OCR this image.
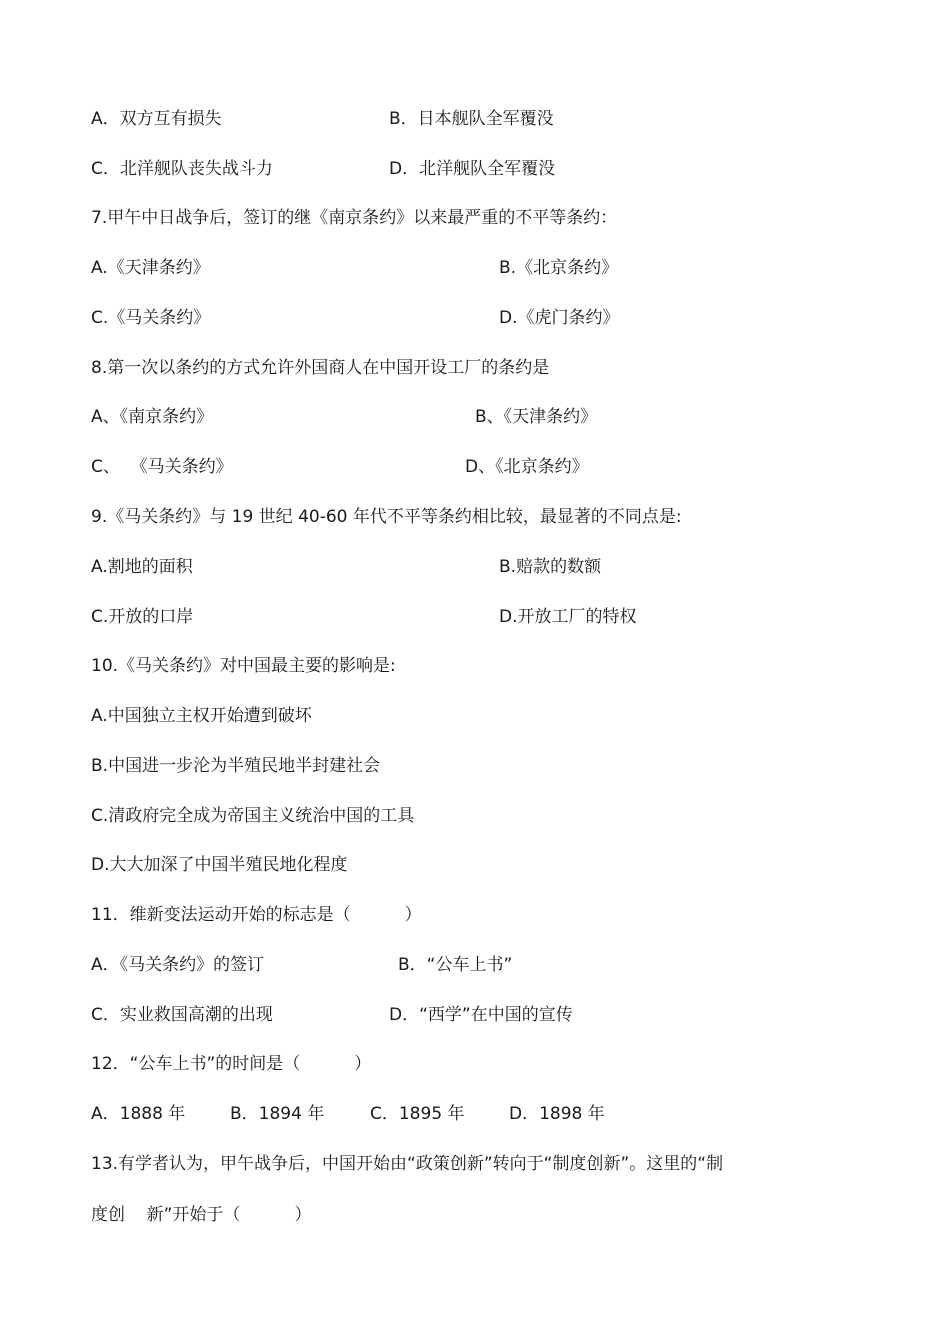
A．双方互有损失	B．日本舰队全军覆没
C．北洋舰队丧失战斗力	D．北洋舰队全军覆没
7.甲午中日战争后，签订的继《南京条约》以来最严重的不平等条约：
A.《天津条约》	B.《北京条约》
C.《马关条约》	D.《虎门条约》
8.第一次以条约的方式允许外国商人在中国开设工厂的条约是
A、《南京条约》	B、《天津条约》
C、  《马关条约》	D、《北京条约》
9.《马关条约》与 19 世纪 40-60 年代不平等条约相比较，最显著的不同点是:
A.割地的面积	B.赔款的数额
C.开放的口岸	D.开放工厂的特权
10.《马关条约》对中国最主要的影响是:
A.中国独立主权开始遭到破坏
B.中国进一步沦为半殖民地半封建社会
C.清政府完全成为帝国主义统治中国的工具
D.大大加深了中国半殖民地化程度
11．维新变法运动开始的标志是（          ）
A．《马关条约》的签订	B．“公车上书”
C．实业救国高潮的出现	D．“西学”在中国的宣传
12．“公车上书”的时间是（          ）
A．1888 年	B．1894 年	C．1895 年	D．1898 年
13.有学者认为，甲午战争后，中国开始由“政策创新”转向于“制度创新”。这里的“制
度创    新”开始于（          ）
